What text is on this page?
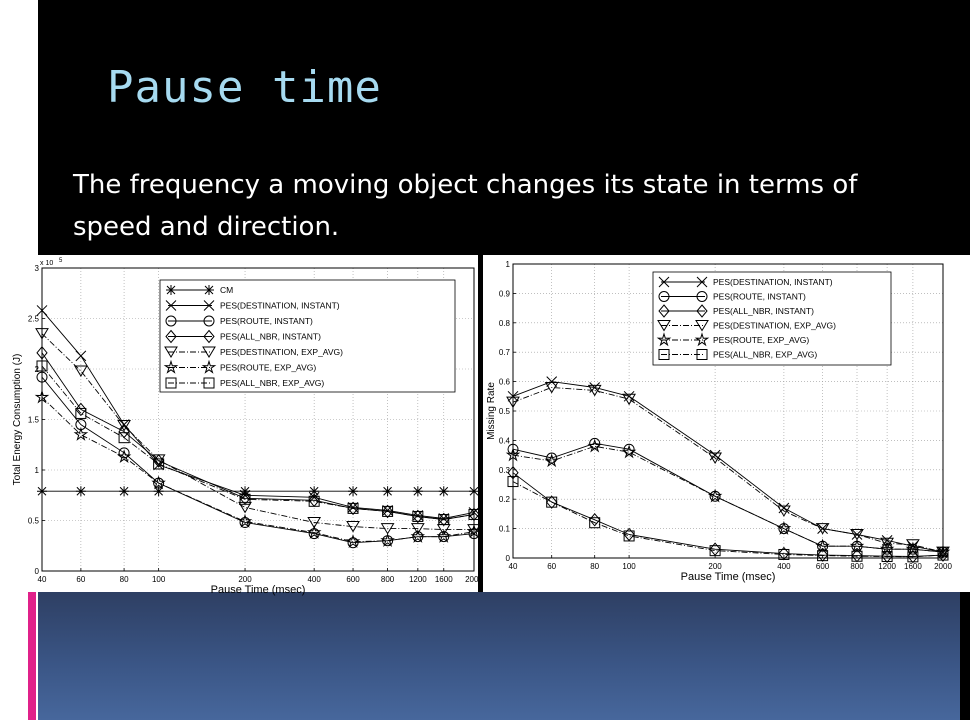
Pause time
The frequency a moving object changes its state in terms of speed and direction.
0
0.5
1
1.5
2
2.5
3
40	60	80	100	200	400	600	800 1200 1600 2000
Pause Time (msec)
Total Energy Consumption (J)
x 10 5
CM
PES(DESTINATION, INSTANT)
PES(ROUTE, INSTANT)
PES(ALL_NBR, INSTANT)
PES(DESTINATION, EXP_AVG)
PES(ROUTE, EXP_AVG)
PES(ALL_NBR, EXP_AVG)
0
0.1
0.2
0.3
0.4
0.5
0.6
0.7
0.8
0.9
1
40	60	80	100	200	400	600	800 1200 1600 2000
Pause Time (msec)
Missing Rate
PES(DESTINATION, INSTANT)
PES(ROUTE, INSTANT)
PES(ALL_NBR, INSTANT)
PES(DESTINATION, EXP_AVG)
PES(ROUTE, EXP_AVG)
PES(ALL_NBR, EXP_AVG)
